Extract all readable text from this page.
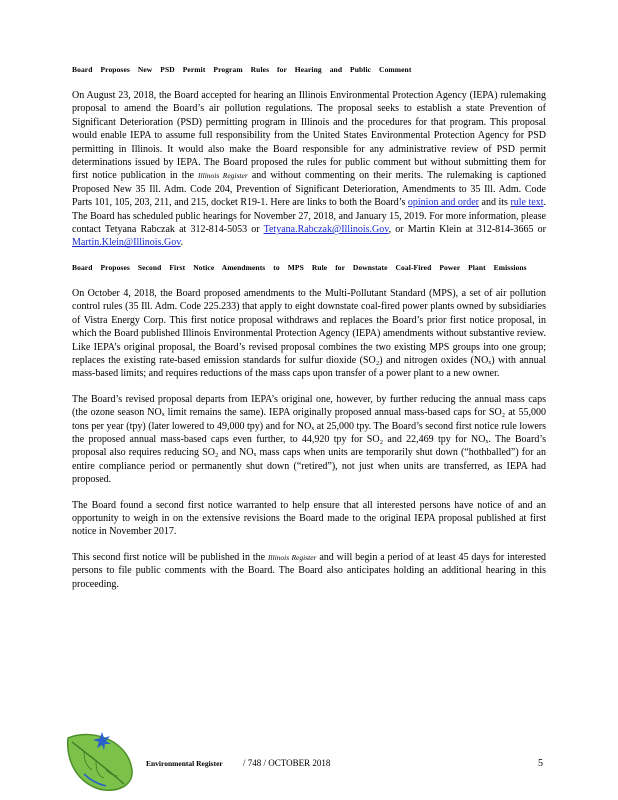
Board Proposes New PSD Permit Program Rules for Hearing and Public Comment

On August 23, 2018, the Board accepted for hearing an Illinois Environmental Protection Agency (IEPA) rulemaking proposal to amend the Board’s air pollution regulations. The proposal seeks to establish a state Prevention of Significant Deterioration (PSD) permitting program in Illinois and the procedures for that program. This proposal would enable IEPA to assume full responsibility from the United States Environmental Protection Agency for PSD permitting in Illinois. It would also make the Board responsible for any administrative review of PSD permit determinations issued by IEPA. The Board proposed the rules for public comment but without submitting them for first notice publication in the Illinois Register and without commenting on their merits. The rulemaking is captioned Proposed New 35 Ill. Adm. Code 204, Prevention of Significant Deterioration, Amendments to 35 Ill. Adm. Code Parts 101, 105, 203, 211, and 215, docket R19-1. Here are links to both the Board’s opinion and order and its rule text. The Board has scheduled public hearings for November 27, 2018, and January 15, 2019. For more information, please contact Tetyana Rabczak at 312-814-5053 or Tetyana.Rabczak@Illinois.Gov, or Martin Klein at 312-814-3665 or Martin.Klein@Illinois.Gov.

Board Proposes Second First Notice Amendments to MPS Rule for Downstate Coal-Fired Power Plant Emissions

On October 4, 2018, the Board proposed amendments to the Multi-Pollutant Standard (MPS), a set of air pollution control rules (35 Ill. Adm. Code 225.233) that apply to eight downstate coal-fired power plants owned by subsidiaries of Vistra Energy Corp. This first notice proposal withdraws and replaces the Board’s prior first notice proposal, in which the Board published Illinois Environmental Protection Agency (IEPA) amendments without substantive review. Like IEPA’s original proposal, the Board’s revised proposal combines the two existing MPS groups into one group; replaces the existing rate-based emission standards for sulfur dioxide (SO₂) and nitrogen oxides (NOₓ) with annual mass-based limits; and requires reductions of the mass caps upon transfer of a power plant to a new owner.

The Board’s revised proposal departs from IEPA’s original one, however, by further reducing the annual mass caps (the ozone season NOₓ limit remains the same). IEPA originally proposed annual mass-based caps for SO₂ at 55,000 tons per year (tpy) (later lowered to 49,000 tpy) and for NOₓ at 25,000 tpy. The Board’s second first notice rule lowers the proposed annual mass-based caps even further, to 44,920 tpy for SO₂ and 22,469 tpy for NOₓ. The Board’s proposal also requires reducing SO₂ and NOₓ mass caps when units are temporarily shut down (“hothballed”) for an entire compliance period or permanently shut down (“retired”), not just when units are transferred, as IEPA had proposed.

The Board found a second first notice warranted to help ensure that all interested persons have notice of and an opportunity to weigh in on the extensive revisions the Board made to the original IEPA proposal published at first notice in November 2017.

This second first notice will be published in the Illinois Register and will begin a period of at least 45 days for interested persons to file public comments with the Board. The Board also anticipates holding an additional hearing in this proceeding.

Environmental Register / 748 / OCTOBER 2018	5
